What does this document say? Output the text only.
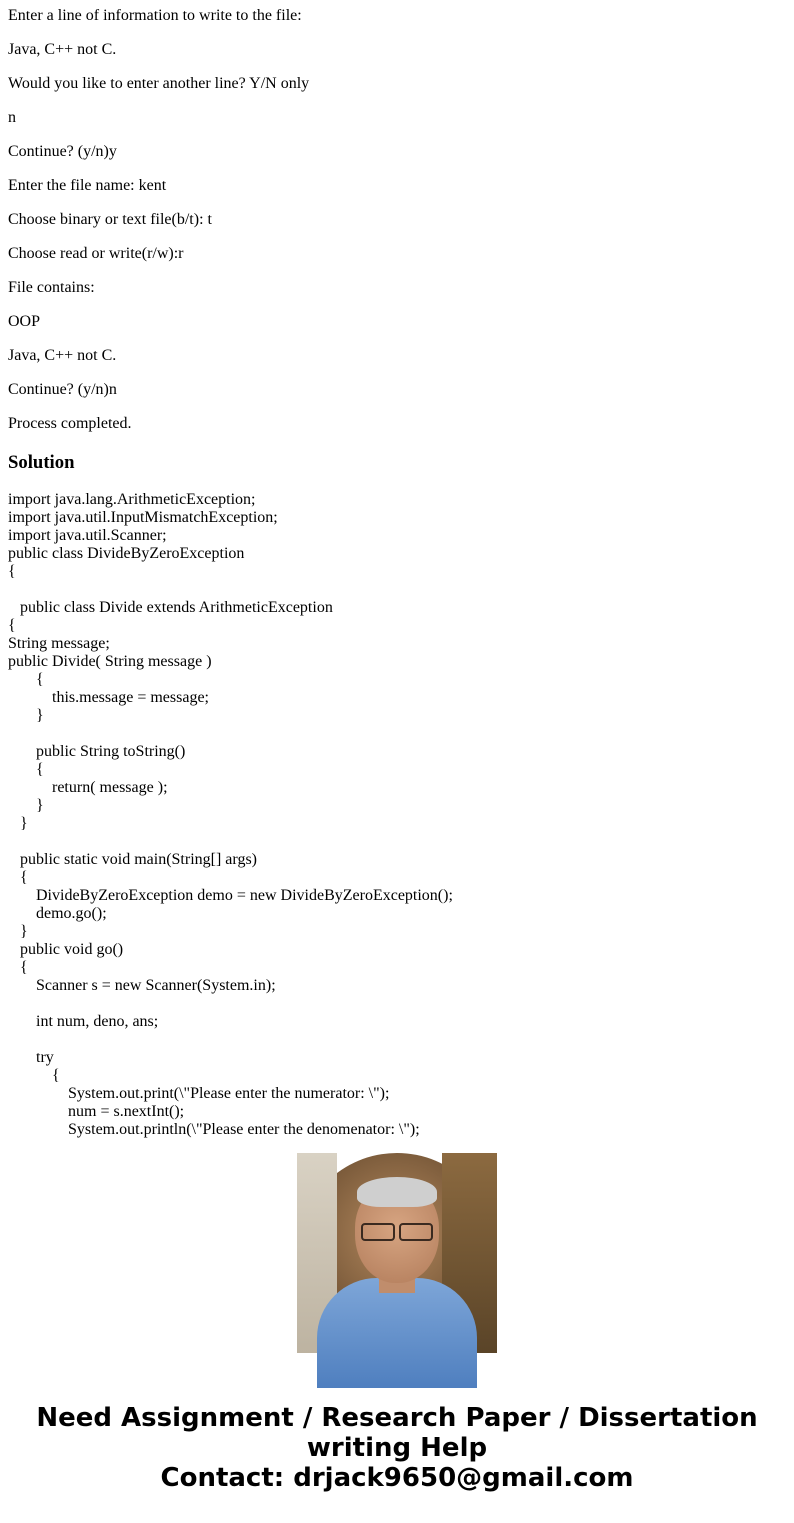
Enter a line of information to write to the file:

Java, C++ not C.

Would you like to enter another line? Y/N only

n

Continue? (y/n)y

Enter the file name: kent

Choose binary or text file(b/t): t

Choose read or write(r/w):r

File contains:

OOP

Java, C++ not C.

Continue? (y/n)n

Process completed.

Solution
import java.lang.ArithmeticException;
import java.util.InputMismatchException;
import java.util.Scanner;
public class DivideByZeroException
{
public class Divide extends ArithmeticException
{
String message;
public Divide( String message )
{
this.message = message;
}
public String toString()
{
return( message );
}
}
public static void main(String[] args)
{
DivideByZeroException demo = new DivideByZeroException();
demo.go();
}
public void go()
{
Scanner s = new Scanner(System.in);
int num, deno, ans;
try
{
System.out.print(\"Please enter the numerator: \");
num = s.nextInt();
System.out.println(\"Please enter the denomenator: \");
Need Assignment / Research Paper / Dissertation
writing Help
Contact: drjack9650@gmail.com
